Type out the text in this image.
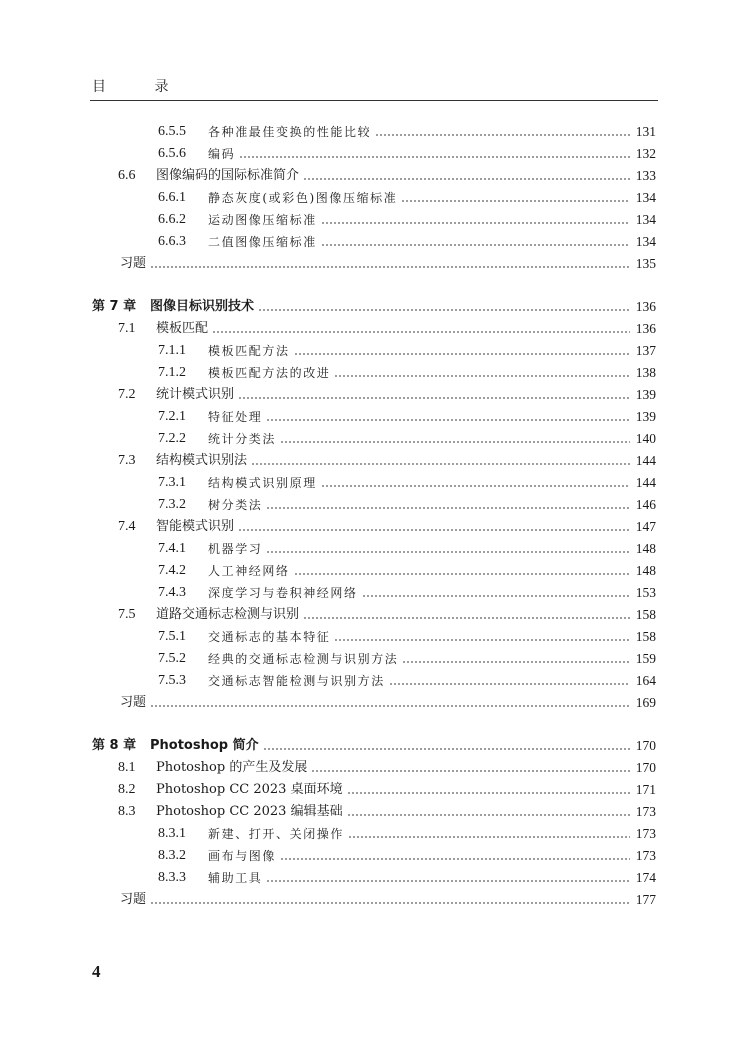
目 录
6.5.5	各种准最佳变换的性能比较	131
6.5.6	编码	132
6.6	图像编码的国际标准简介	133
6.6.1	静态灰度(或彩色)图像压缩标准	134
6.6.2	运动图像压缩标准	134
6.6.3	二值图像压缩标准	134
习题	135
第 7 章	图像目标识别技术	136
7.1	模板匹配	136
7.1.1	模板匹配方法	137
7.1.2	模板匹配方法的改进	138
7.2	统计模式识别	139
7.2.1	特征处理	139
7.2.2	统计分类法	140
7.3	结构模式识别法	144
7.3.1	结构模式识别原理	144
7.3.2	树分类法	146
7.4	智能模式识别	147
7.4.1	机器学习	148
7.4.2	人工神经网络	148
7.4.3	深度学习与卷积神经网络	153
7.5	道路交通标志检测与识别	158
7.5.1	交通标志的基本特征	158
7.5.2	经典的交通标志检测与识别方法	159
7.5.3	交通标志智能检测与识别方法	164
习题	169
第 8 章	Photoshop 简介	170
8.1	Photoshop 的产生及发展	170
8.2	Photoshop CC 2023 桌面环境	171
8.3	Photoshop CC 2023 编辑基础	173
8.3.1	新建、打开、关闭操作	173
8.3.2	画布与图像	173
8.3.3	辅助工具	174
习题	177
4
